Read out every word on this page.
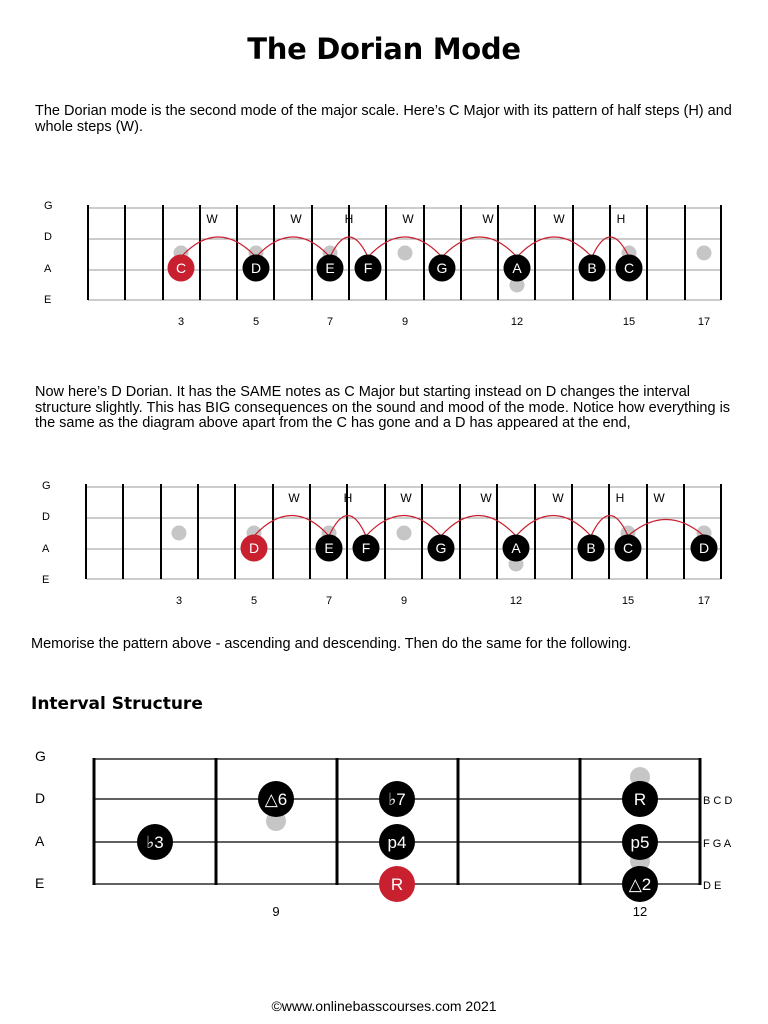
The Dorian Mode
The Dorian mode is the second mode of the major scale. Here’s C Major with its pattern of half steps (H) and whole steps (W).
G
D
A
E
W	W	H	W	W	W	H
C	D	E F	G	A	B C
3	5	7	9	12	15	17
Now here’s D Dorian. It has the SAME notes as C Major but starting instead on D changes the interval structure slightly. This has BIG consequences on the sound and mood of the mode. Notice how everything is the same as the diagram above apart from the C has gone and a D has appeared at the end,
G
D
A
E
W	H	W	W	W	H W
D	E F	G	A	B C	D
3	5	7	9	12	15	17
Memorise the pattern above - ascending and descending. Then do the same for the following.
Interval Structure
G
D
A
E
△6	♭7	R
♭3	p4	p5
R	△2
B C D
F G A
D E
9	12
©www.onlinebasscourses.com 2021
